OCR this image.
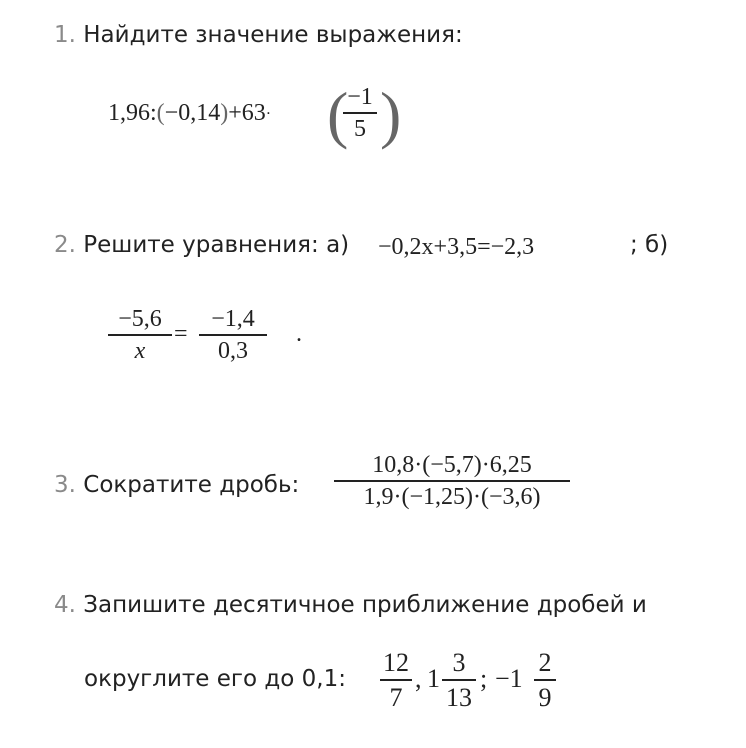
1. Найдите значение выражения:
1,96:(−0,14)+63· (
−1
5 )
2. Решите уравнения: а) −0,2x+3,5=−2,3	; б)
−5,6
x
=
−1,4
0,3
.
3. Сократите дробь:
10,8·(−5,7)·6,25
1,9·(−1,25)·(−3,6)
4. Запишите десятичное приближение дробей и
округлите его до 0,1:
12
7
, 1
3
13
; −1
2
9
